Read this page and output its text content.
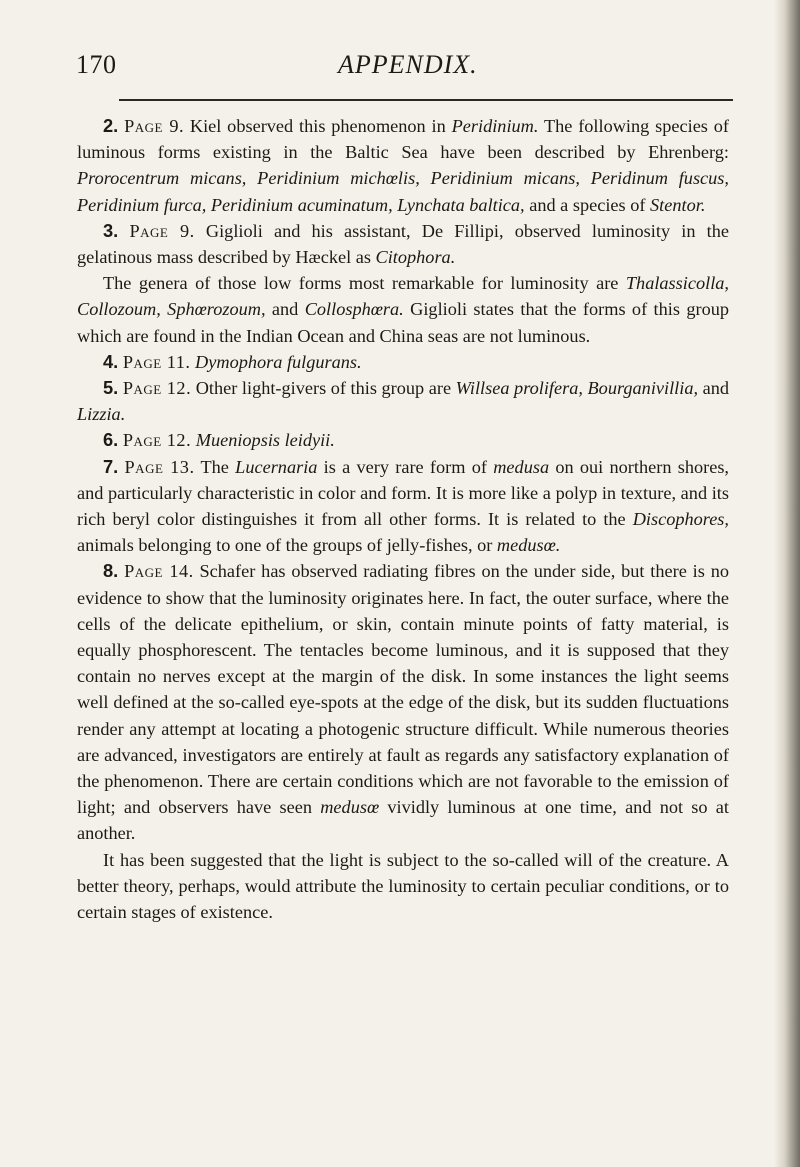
170	APPENDIX.

2. Page 9. Kiel observed this phenomenon in Peridinium. The following species of luminous forms existing in the Baltic Sea have been described by Ehrenberg: Prorocentrum micans, Peridinium michœlis, Peridinium micans, Peridinum fuscus, Peridinium furca, Peridinium acuminatum, Lynchata baltica, and a species of Stentor.

3. Page 9. Giglioli and his assistant, De Fillipi, observed luminosity in the gelatinous mass described by Hæckel as Citophora.

The genera of those low forms most remarkable for luminosity are Thalassicolla, Collozoum, Sphœrozoum, and Collosphœra. Giglioli states that the forms of this group which are found in the Indian Ocean and China seas are not luminous.

4. Page 11. Dymophora fulgurans.

5. Page 12. Other light-givers of this group are Willsea prolifera, Bourganivillia, and Lizzia.

6. Page 12. Mueniopsis leidyii.

7. Page 13. The Lucernaria is a very rare form of medusa on oui northern shores, and particularly characteristic in color and form. It is more like a polyp in texture, and its rich beryl color distinguishes it from all other forms. It is related to the Discophores, animals belonging to one of the groups of jelly-fishes, or medusœ.

8. Page 14. Schafer has observed radiating fibres on the under side, but there is no evidence to show that the luminosity originates here. In fact, the outer surface, where the cells of the delicate epithelium, or skin, contain minute points of fatty material, is equally phosphorescent. The tentacles become luminous, and it is supposed that they contain no nerves except at the margin of the disk. In some instances the light seems well defined at the so-called eye-spots at the edge of the disk, but its sudden fluctuations render any attempt at locating a photogenic structure difficult. While numerous theories are advanced, investigators are entirely at fault as regards any satisfactory explanation of the phenomenon. There are certain conditions which are not favorable to the emission of light; and observers have seen medusœ vividly luminous at one time, and not so at another.

It has been suggested that the light is subject to the so-called will of the creature. A better theory, perhaps, would attribute the luminosity to certain peculiar conditions, or to certain stages of existence.
